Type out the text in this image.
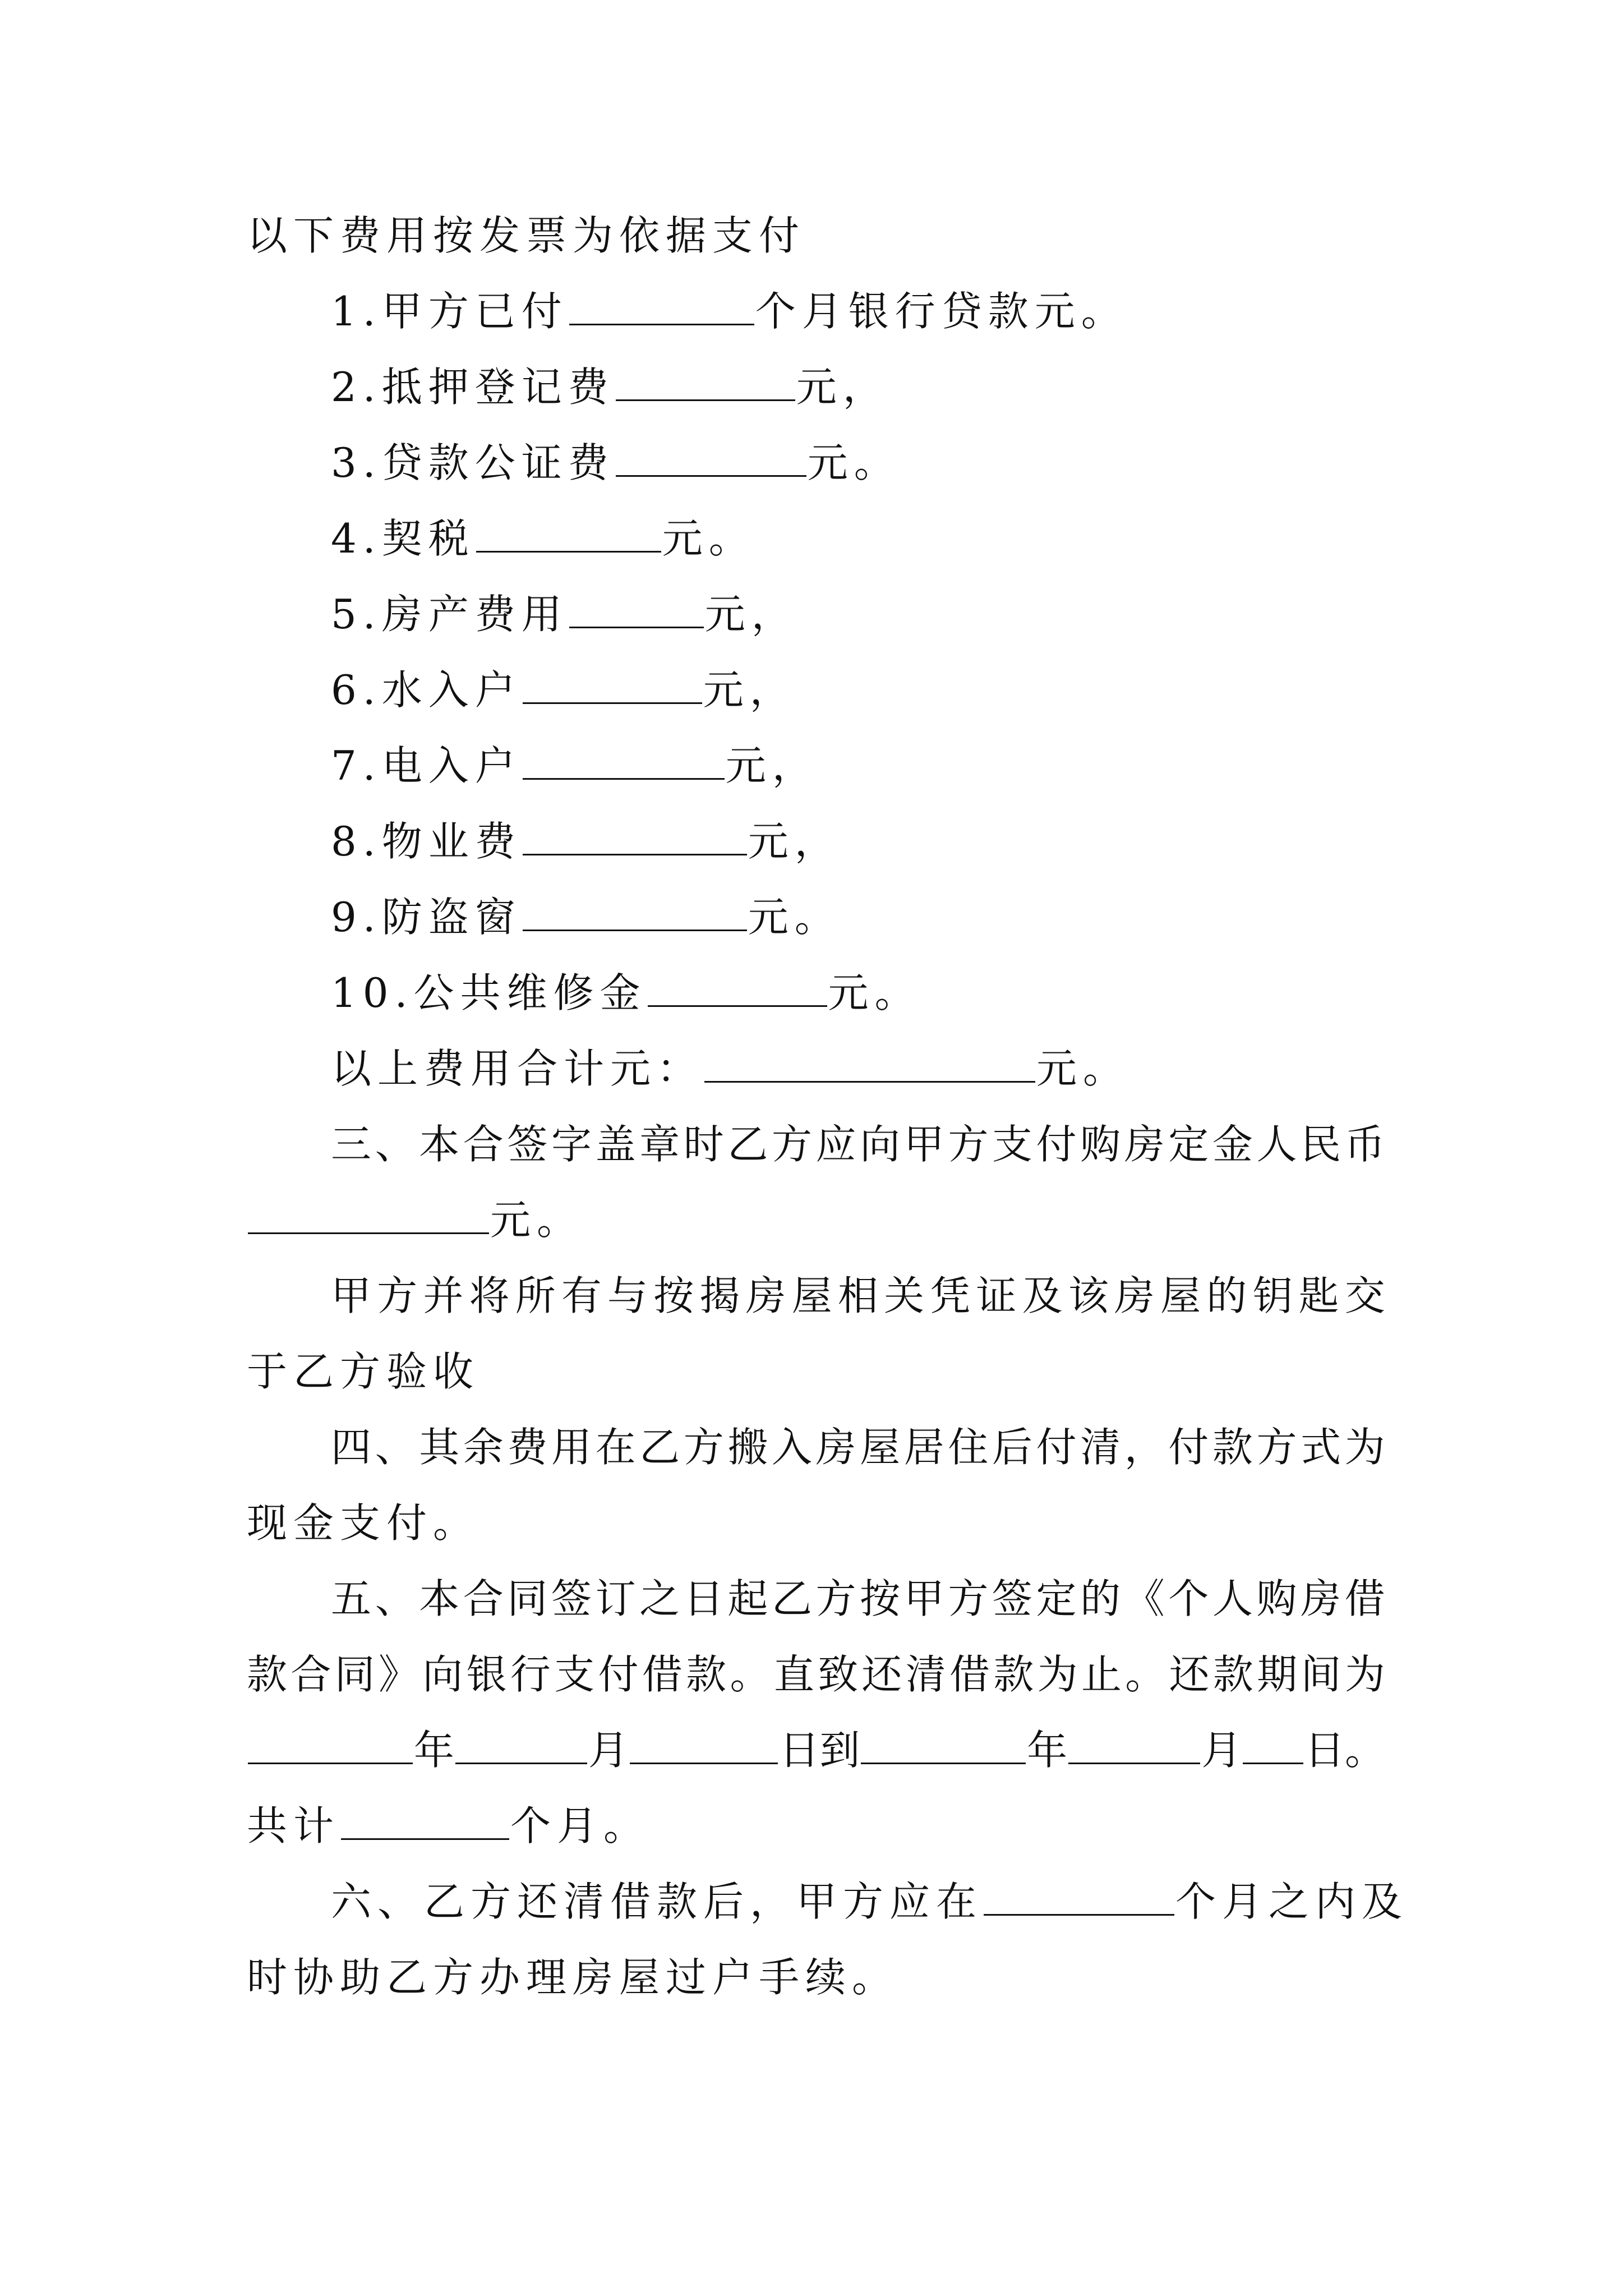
以下费用按发票为依据支付
1.甲方已付	个月银行贷款元。
2.抵押登记费	元，
3.贷款公证费	元。
4.契税	元。
5.房产费用	元，
6.水入户	元，
7.电入户	元，
8.物业费	元，
9.防盗窗	元。
10.公共维修金	元。
以上费用合计元：	元。
三 、 本 合 签 字 盖 章 时 乙 方 应 向 甲 方 支 付 购 房 定 金 人 民 币
元。
甲 方 并 将 所 有 与 按 揭 房 屋 相 关 凭 证 及 该 房 屋 的 钥 匙 交
于乙方验收
四 、 其 余 费 用 在 乙 方 搬 入 房 屋 居 住 后 付 清 ， 付 款 方 式 为
现金支付。
五 、 本 合 同 签 订 之 日 起 乙 方 按 甲 方 签 定 的 《 个 人 购 房 借
款 合 同 》 向 银 行 支 付 借 款 。 直 致 还 清 借 款 为 止 。 还 款 期 间 为
年	月	日到	年	月 日。
共计	个月。
六、乙方还清借款后，甲方应在	个月之内及
时协助乙方办理房屋过户手续。
